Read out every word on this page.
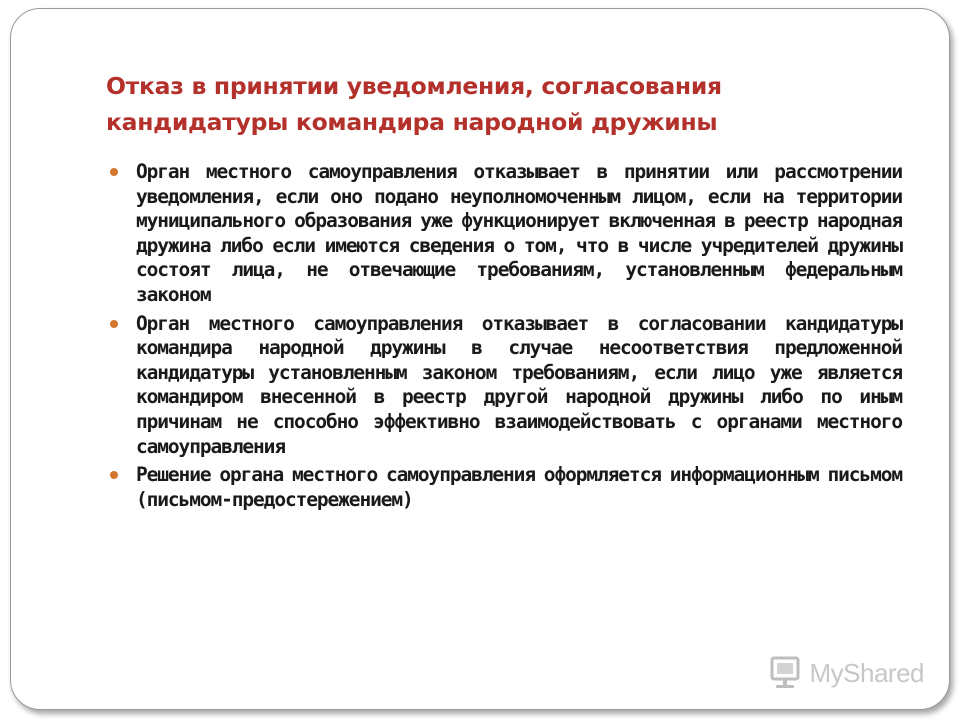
Отказ в принятии уведомления, согласования кандидатуры командира народной дружины
Орган местного самоуправления отказывает в принятии или рассмотрении уведомления, если оно подано неуполномоченным лицом, если на территории муниципального образования уже функционирует включенная в реестр народная дружина либо если имеются сведения о том, что в числе учредителей дружины состоят лица, не отвечающие требованиям, установленным федеральным законом
Орган местного самоуправления отказывает в согласовании кандидатуры командира народной дружины в случае несоответствия предложенной кандидатуры установленным законом требованиям, если лицо уже является командиром внесенной в реестр другой народной дружины либо по иным причинам не способно эффективно взаимодействовать с органами местного самоуправления
Решение органа местного самоуправления оформляется информационным письмом (письмом-предостережением)
MyShared
